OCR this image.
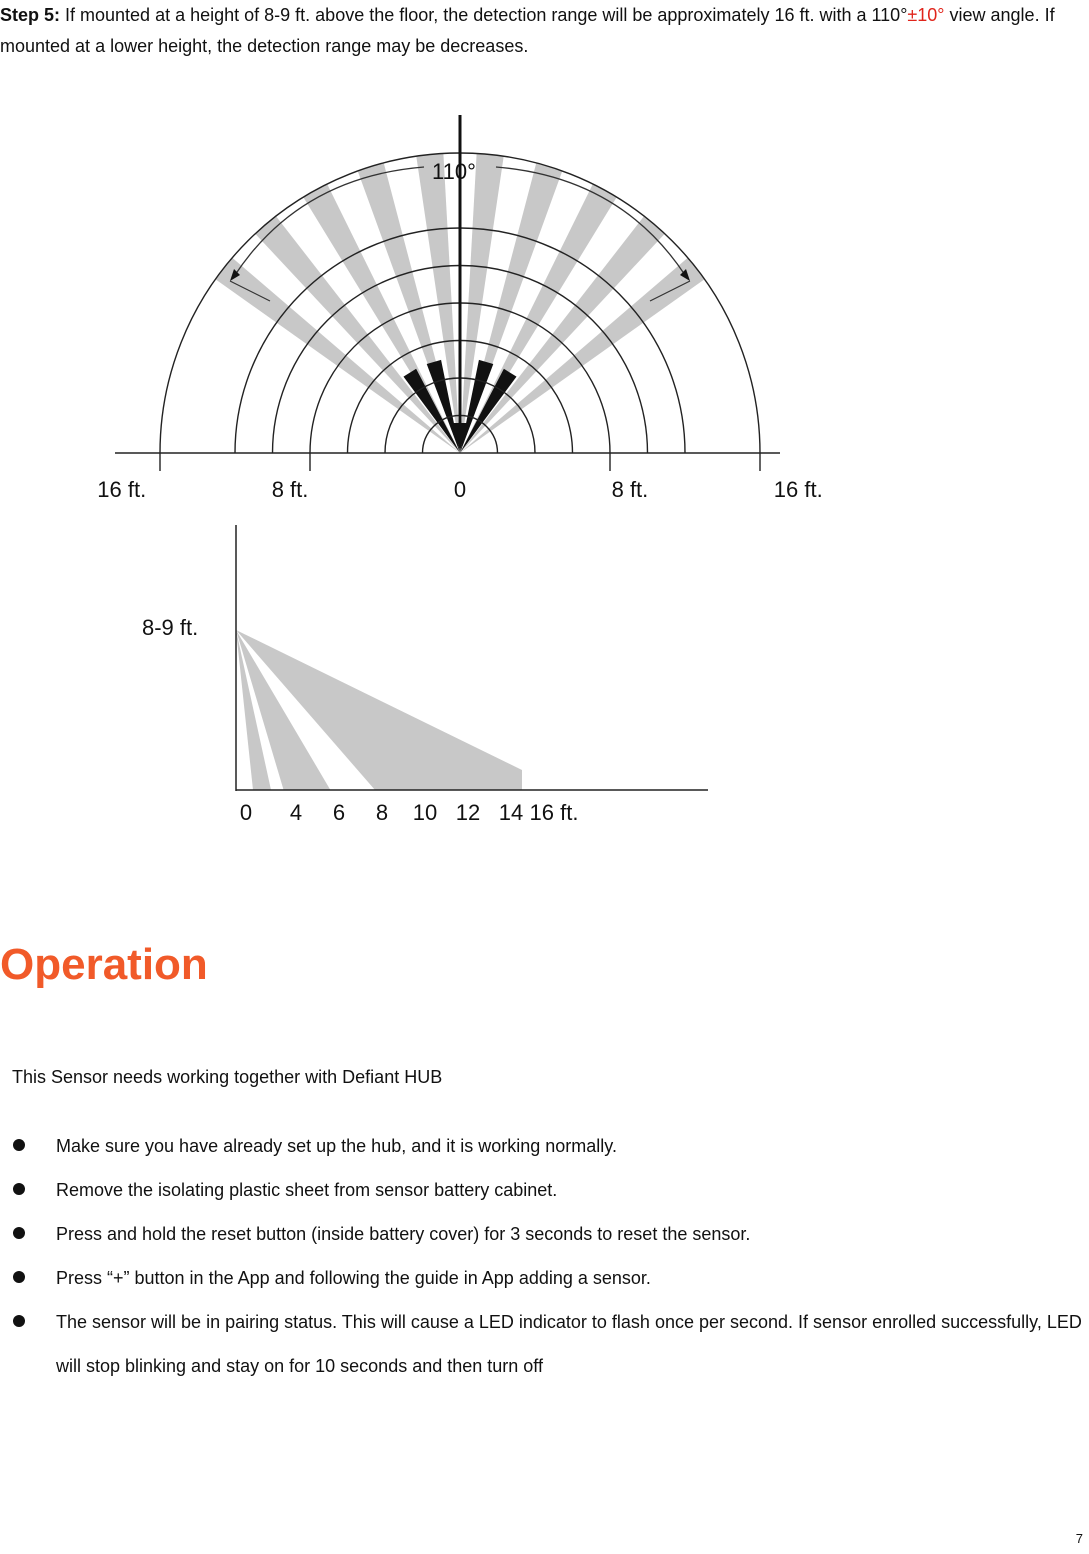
Step 5: If mounted at a height of 8-9 ft. above the floor, the detection range will be approximately 16 ft. with a 110°±10° view angle. If mounted at a lower height, the detection range may be decreases.

110°
16 ft.	8 ft.	0	8 ft.	16 ft.
8-9 ft.
0 4 6 8 10 12 14 16 ft.
Operation
This Sensor needs working together with Defiant HUB
Make sure you have already set up the hub, and it is working normally.
Remove the isolating plastic sheet from sensor battery cabinet.
Press and hold the reset button (inside battery cover) for 3 seconds to reset the sensor.
Press “+” button in the App and following the guide in App adding a sensor.
The sensor will be in pairing status. This will cause a LED indicator to flash once per second. If sensor enrolled successfully, LED will stop blinking and stay on for 10 seconds and then turn off
7
